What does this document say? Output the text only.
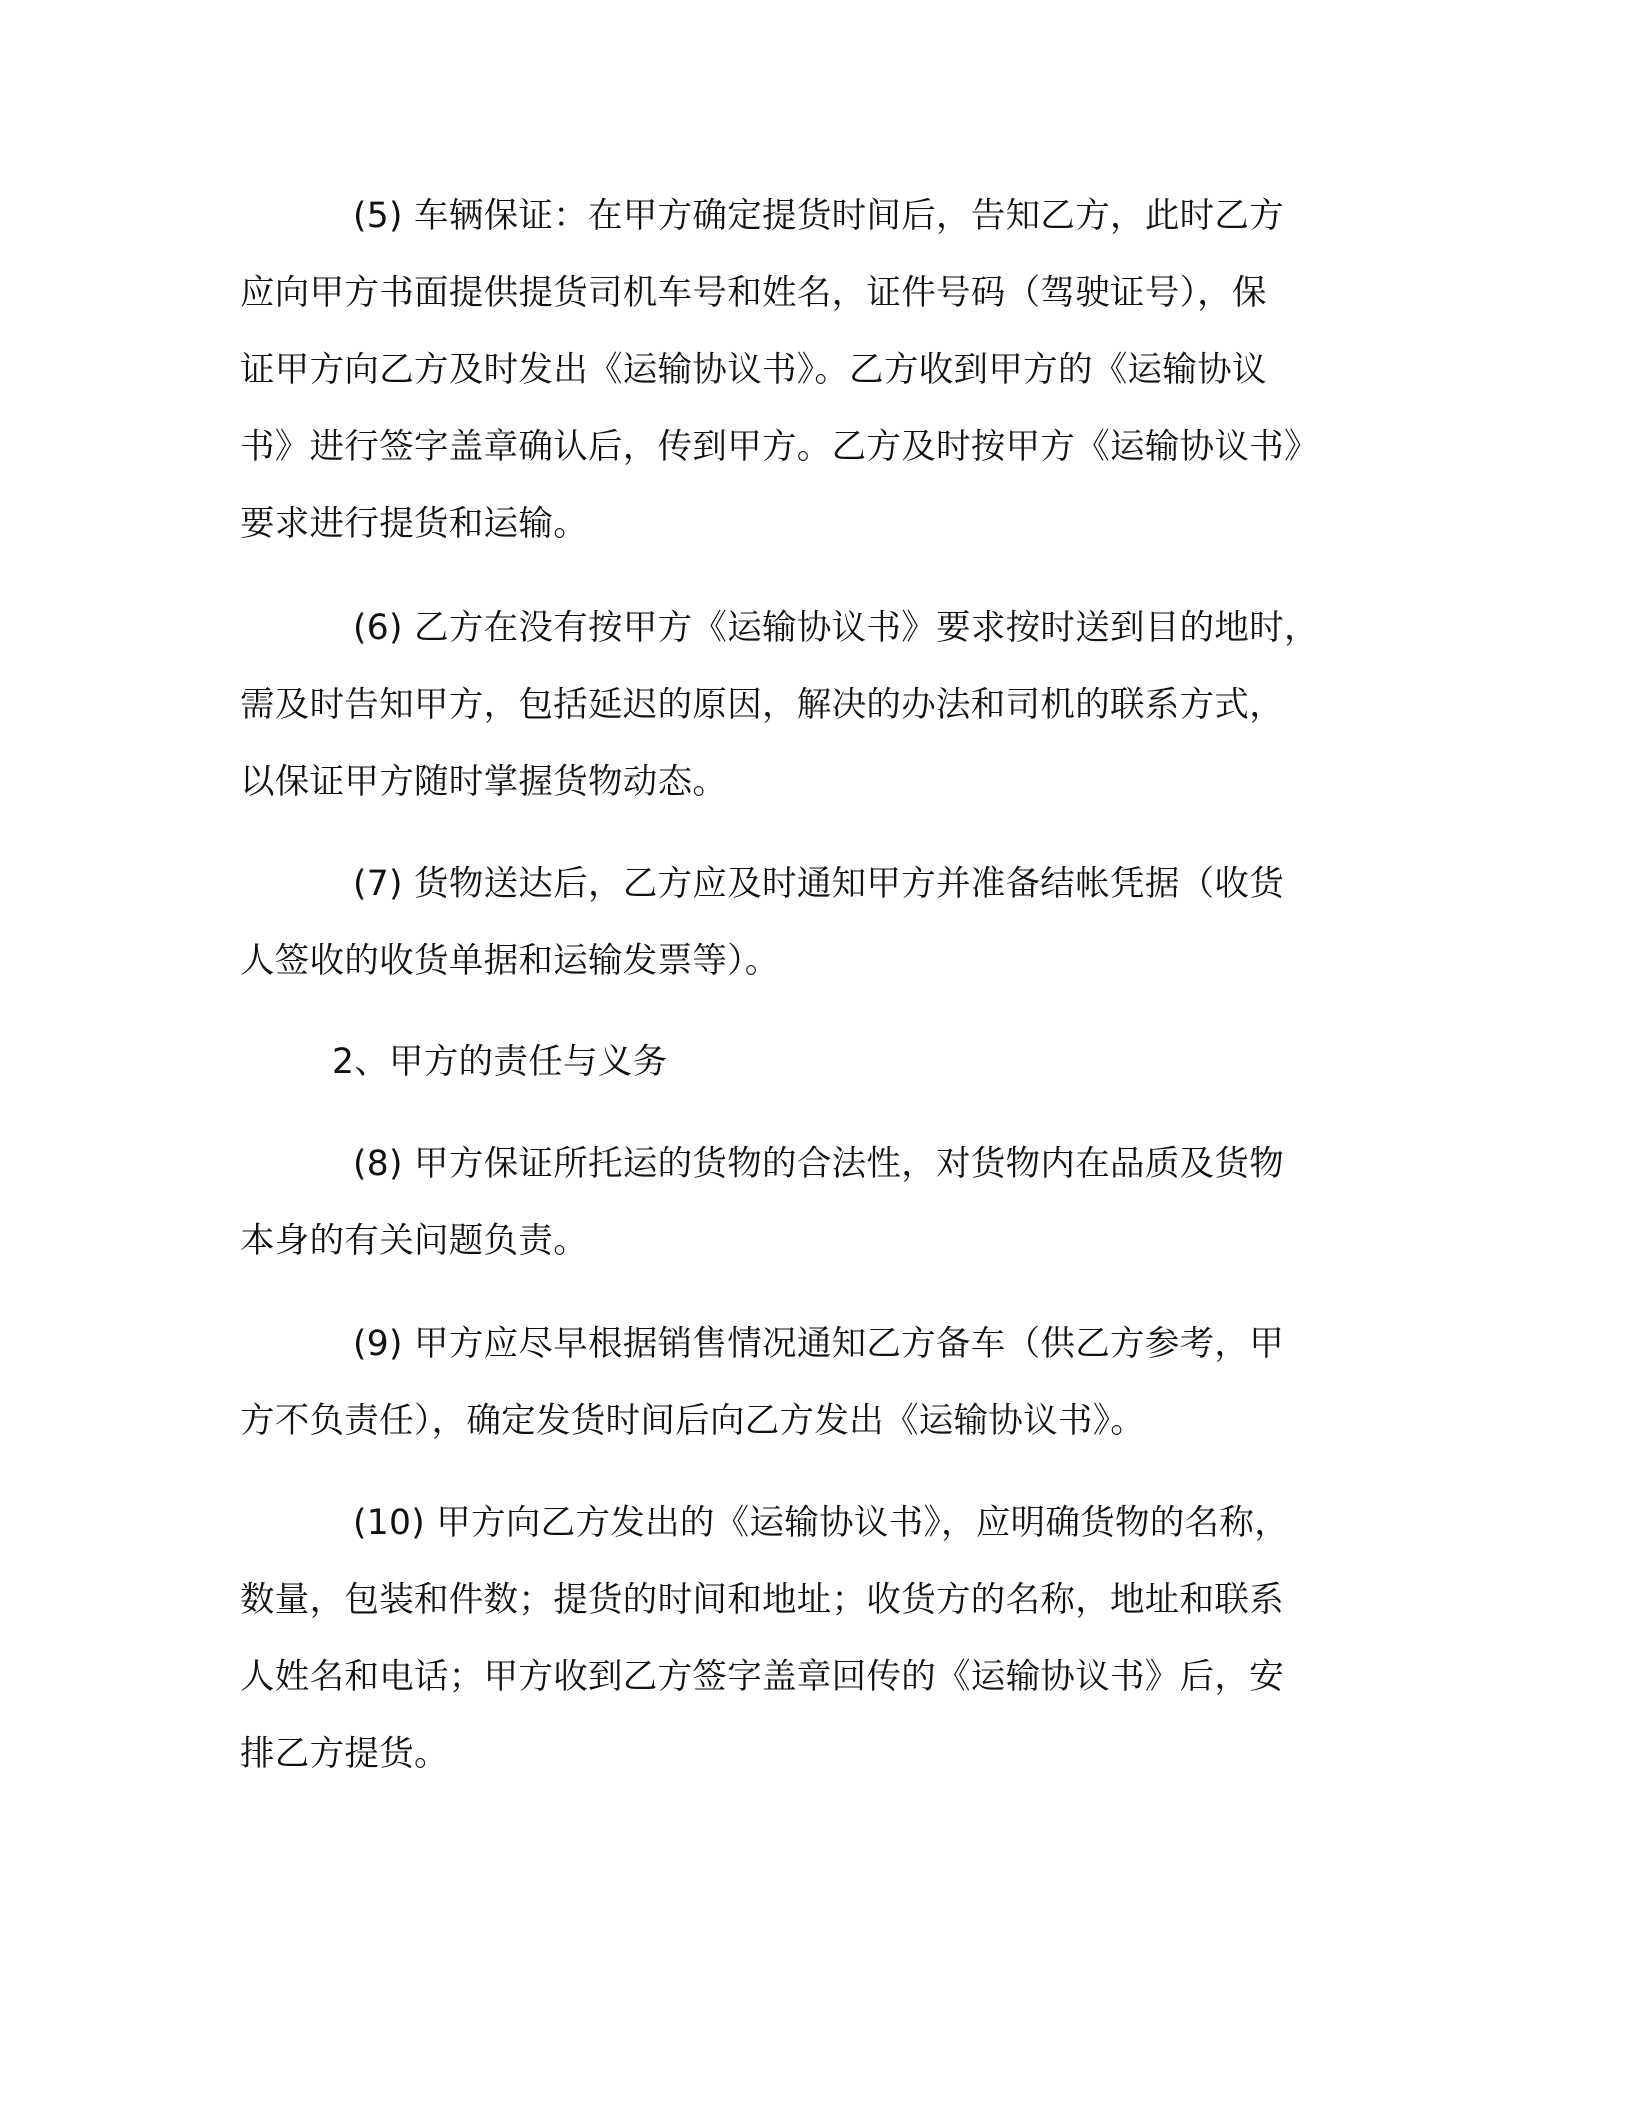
(5) 车辆保证：在甲方确定提货时间后，告知乙方，此时乙方
应向甲方书面提供提货司机车号和姓名，证件号码（驾驶证号），保
证甲方向乙方及时发出《运输协议书》。乙方收到甲方的《运输协议
书》进行签字盖章确认后，传到甲方。乙方及时按甲方《运输协议书》
要求进行提货和运输。
(6) 乙方在没有按甲方《运输协议书》要求按时送到目的地时，
需及时告知甲方，包括延迟的原因，解决的办法和司机的联系方式，
以保证甲方随时掌握货物动态。
(7) 货物送达后，乙方应及时通知甲方并准备结帐凭据（收货
人签收的收货单据和运输发票等）。
2、甲方的责任与义务
(8) 甲方保证所托运的货物的合法性，对货物内在品质及货物
本身的有关问题负责。
(9) 甲方应尽早根据销售情况通知乙方备车（供乙方参考，甲
方不负责任），确定发货时间后向乙方发出《运输协议书》。
(10) 甲方向乙方发出的《运输协议书》，应明确货物的名称，
数量，包装和件数；提货的时间和地址；收货方的名称，地址和联系
人姓名和电话；甲方收到乙方签字盖章回传的《运输协议书》后，安
排乙方提货。
